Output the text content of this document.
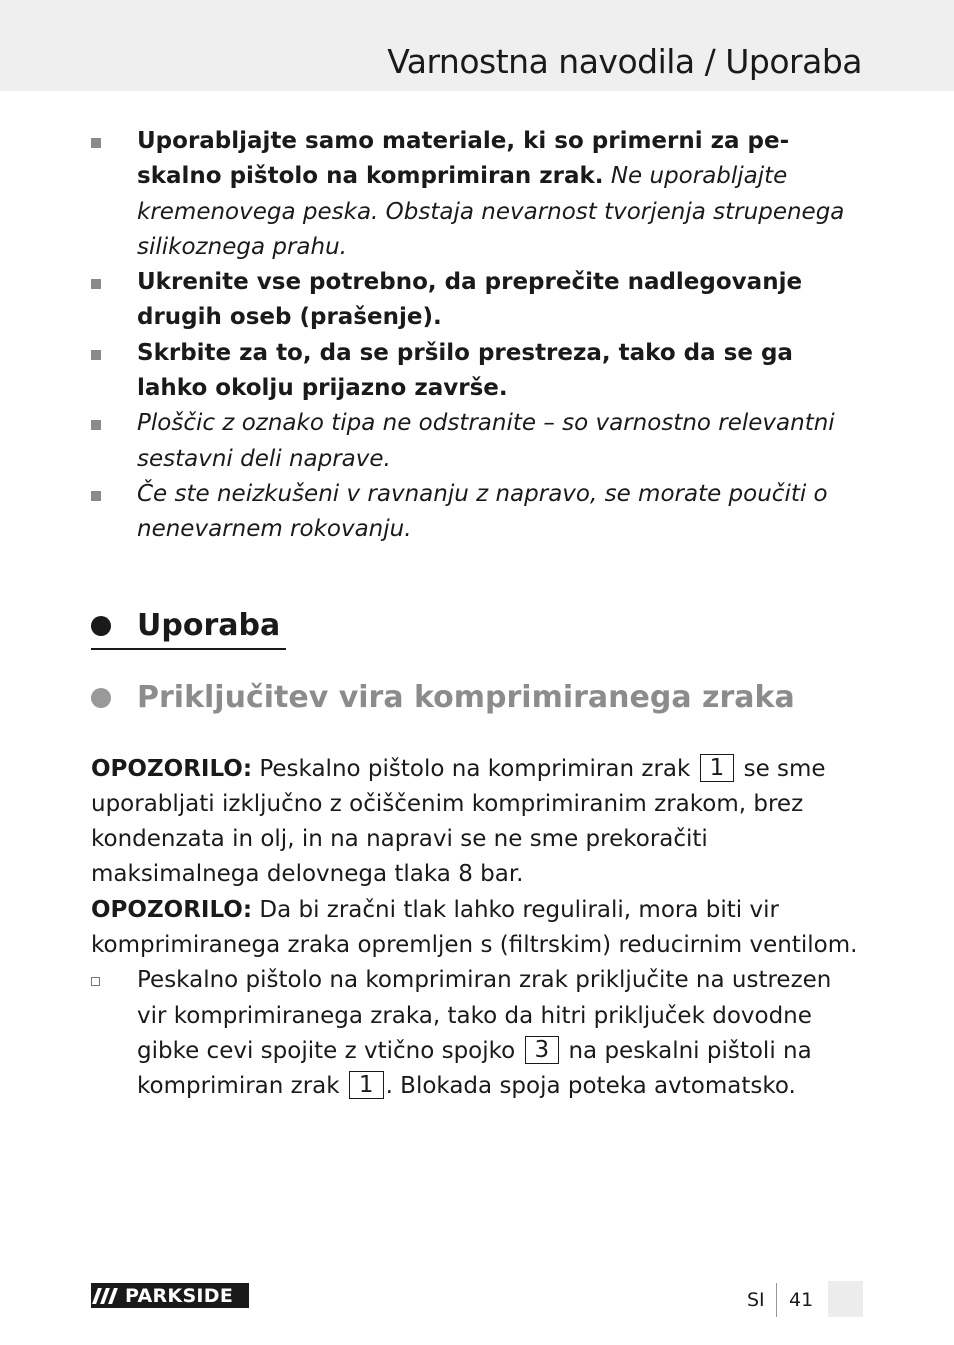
Varnostna navodila / Uporaba
Uporabljajte samo materiale, ki so primerni za peskalno pištolo na komprimiran zrak. Ne uporabljajte kremenovega peska. Obstaja nevarnost tvorjenja strupenega silikoznega prahu.
Ukrenite vse potrebno, da preprečite nadlegovanje drugih oseb (prašenje).
Skrbite za to, da se pršilo prestreza, tako da se ga lahko okolju prijazno završe.
Ploščic z oznako tipa ne odstranite – so varnostno relevantni sestavni deli naprave.
Če ste neizkušeni v ravnanju z napravo, se morate poučiti o nenevarnem rokovanju.
Uporaba
Priključitev vira komprimiranega zraka
OPOZORILO: Peskalno pištolo na komprimiran zrak 1 se sme uporabljati izključno z očiščenim komprimiranim zrakom, brez kondenzata in olj, in na napravi se ne sme prekoračiti maksimalnega delovnega tlaka 8 bar.
OPOZORILO: Da bi zračni tlak lahko regulirali, mora biti vir komprimiranega zraka opremljen s (filtrskim) reducirnim ventilom.
Peskalno pištolo na komprimiran zrak priključite na ustrezen vir komprimiranega zraka, tako da hitri priključek dovodne gibke cevi spojite z vtično spojko 3 na peskalni pištoli na komprimiran zrak 1 . Blokada spoja poteka avtomatsko.
PARKSIDE	SI 41
